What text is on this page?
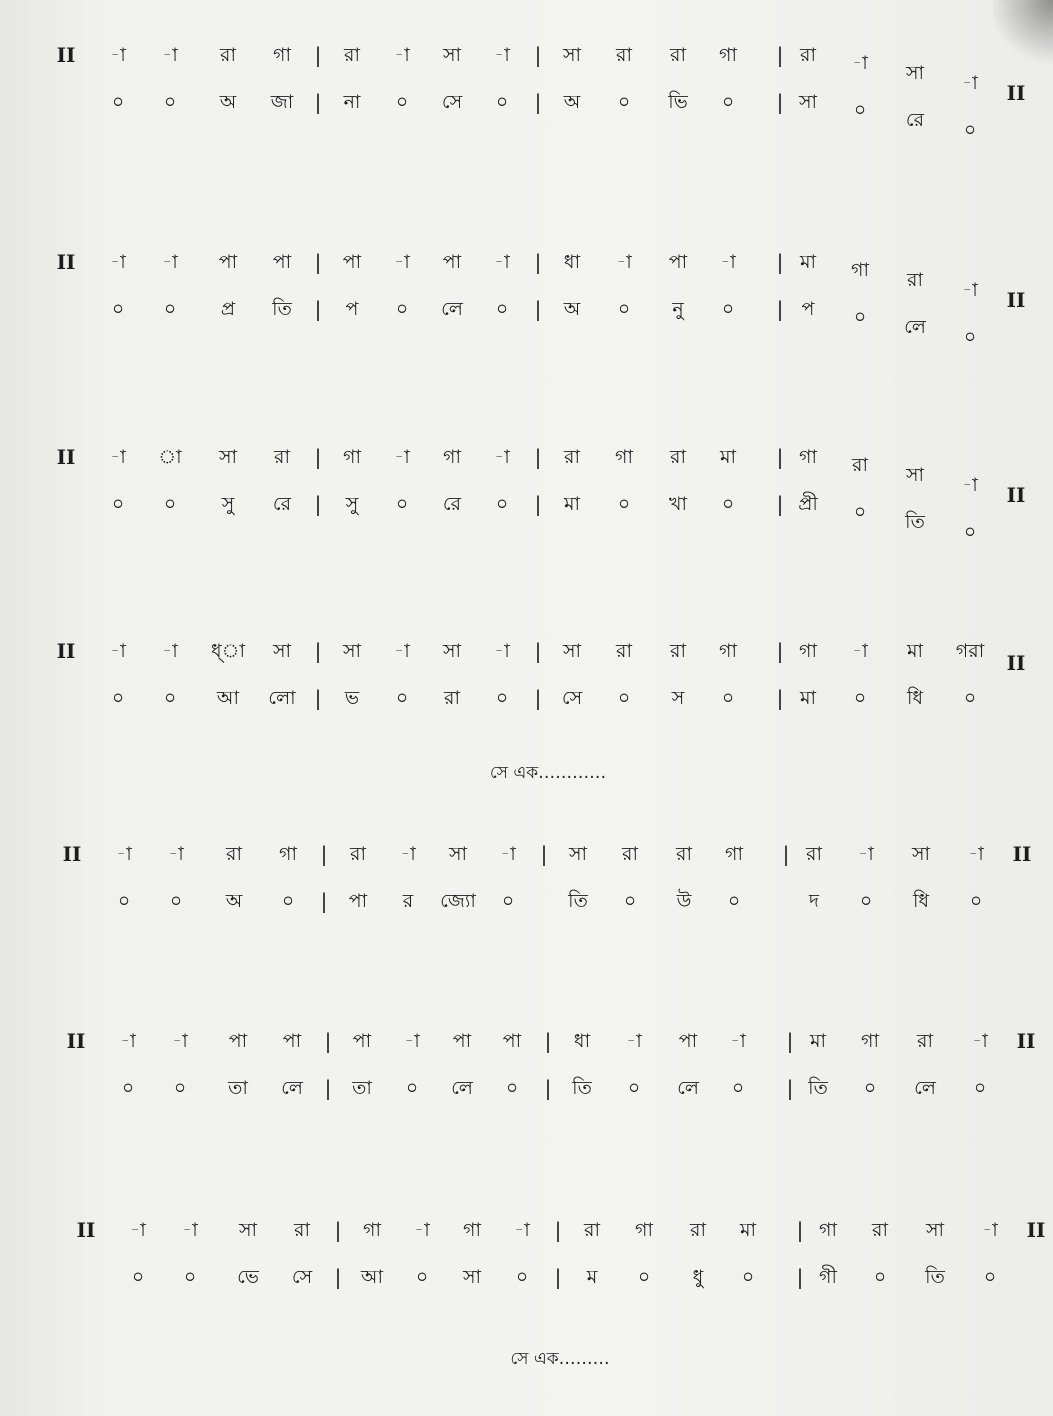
II -া -া রা গা | রা -া সা -া | সা রা রা গা | রা -া সা -া II
০ ০ অ জা | না ০ সে ০ | অ ০ ভি ০ | সা ০ রে ০
II -া -া পা পা | পা -া পা -া | ধা -া পা -া | মা গা রা -া II
০ ০ প্র তি | প ০ লে ০ | অ ০ নু ০ | প ০ লে ০
II -া া সা রা | গা -া গা -া | রা গা রা মা | গা রা সা -া II
০ ০ সু রে | সু ০ রে ০ | মা ০ খা ০ | প্রী ০ তি ০
II -া -া ধ্া সা | সা -া সা -া | সা রা রা গা | গা -া মা গরা II
০ ০ আ লো | ভ ০ রা ০ | সে ০ স ০ | মা ০ ধি ০
II -া -া রা গা | রা -া সা -া | সা রা রা গা | রা -া সা -া II
০ ০ অ ০ | পা র জ্যো ০	তি ০ উ ০	দ ০ ধি ০
II -া -া পা পা | পা -া পা পা | ধা -া পা -া | মা গা রা -া II
০ ০ তা লে | তা ০ লে ০ | তি ০ লে ০ | তি ০ লে ০
II -া -া সা রা | গা -া গা -া | রা গা রা মা | গা রা সা -া II
০ ০ ভে সে | আ ০ সা ০ | ম ০ ধু ০ | গী ০ তি ০
সে এক…………
সে এক………
